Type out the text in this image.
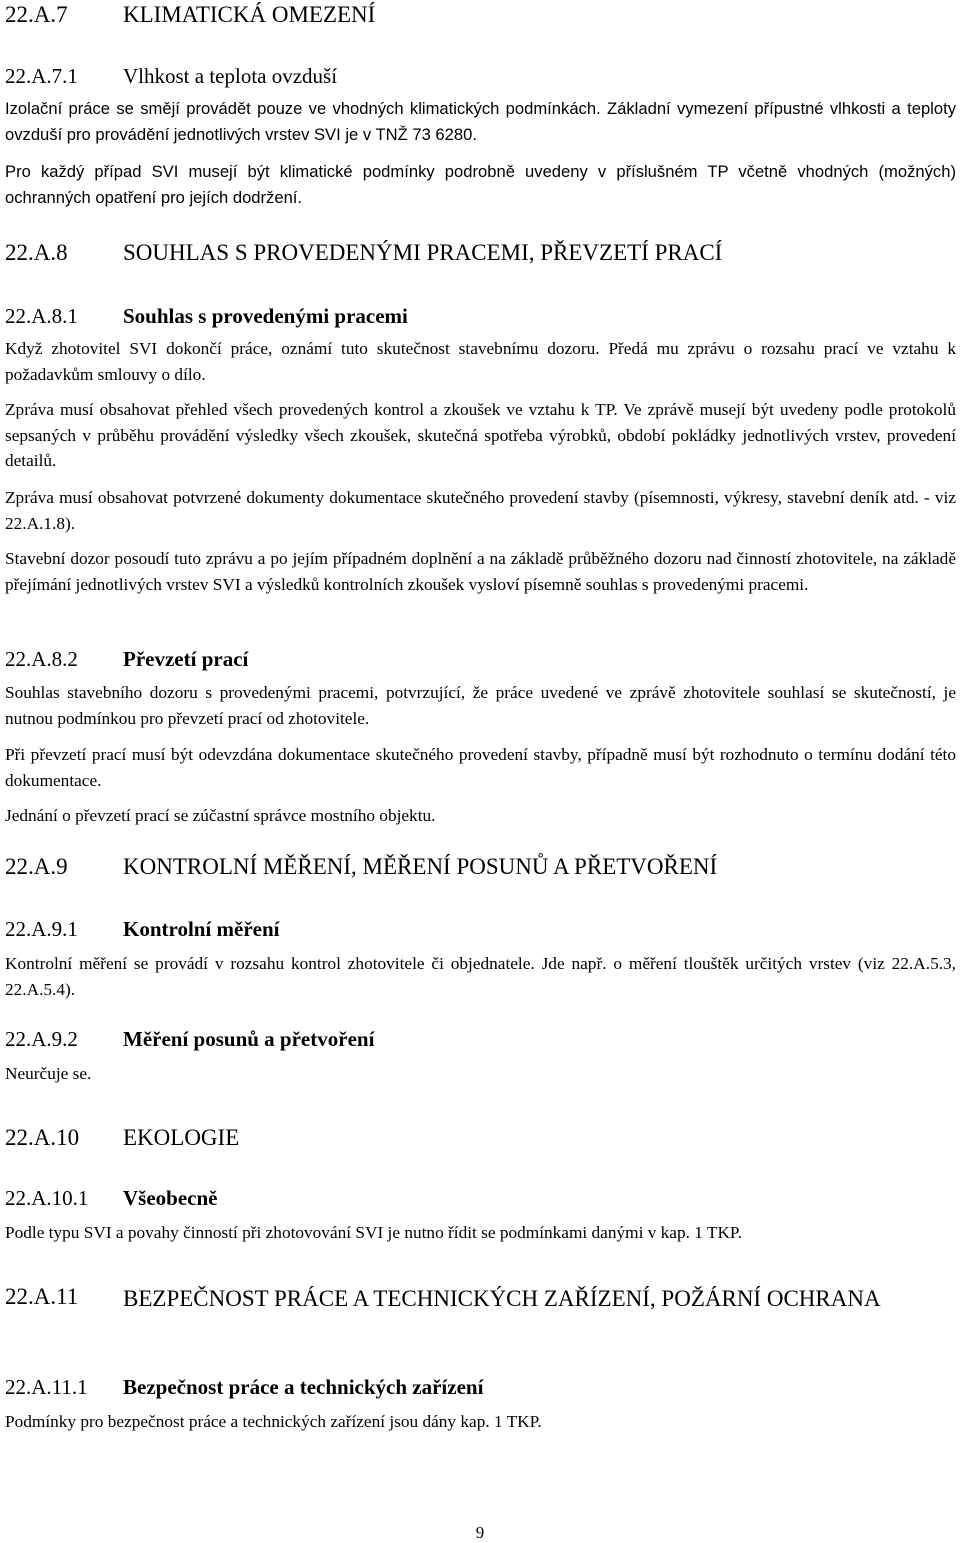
22.A.7 KLIMATICKÁ OMEZENÍ
22.A.7.1 Vlhkost a teplota ovzduší

Izolační práce se smějí provádět pouze ve vhodných klimatických podmínkách. Základní vymezení přípustné vlhkosti a teploty ovzduší pro provádění jednotlivých vrstev SVI je v TNŽ 73 6280.

Pro každý případ SVI musejí být klimatické podmínky podrobně uvedeny v příslušném TP včetně vhodných (možných) ochranných opatření pro jejích dodržení.

22.A.8 SOUHLAS S PROVEDENÝMI PRACEMI, PŘEVZETÍ PRACÍ
22.A.8.1 Souhlas s provedenými pracemi

Když zhotovitel SVI dokončí práce, oznámí tuto skutečnost stavebnímu dozoru. Předá mu zprávu o rozsahu prací ve vztahu k požadavkům smlouvy o dílo.

Zpráva musí obsahovat přehled všech provedených kontrol a zkoušek ve vztahu k TP. Ve zprávě musejí být uvedeny podle protokolů sepsaných v průběhu provádění výsledky všech zkoušek, skutečná spotřeba výrobků, období pokládky jednotlivých vrstev, provedení detailů.

Zpráva musí obsahovat potvrzené dokumenty dokumentace skutečného provedení stavby (písemnosti, výkresy, stavební deník atd. - viz 22.A.1.8).

Stavební dozor posoudí tuto zprávu a po jejím případném doplnění a na základě průběžného dozoru nad činností zhotovitele, na základě přejímání jednotlivých vrstev SVI a výsledků kontrolních zkoušek vysloví písemně souhlas s provedenými pracemi.

22.A.8.2 Převzetí prací

Souhlas stavebního dozoru s provedenými pracemi, potvrzující, že práce uvedené ve zprávě zhotovitele souhlasí se skutečností, je nutnou podmínkou pro převzetí prací od zhotovitele.

Při převzetí prací musí být odevzdána dokumentace skutečného provedení stavby, případně musí být rozhodnuto o termínu dodání této dokumentace.

Jednání o převzetí prací se zúčastní správce mostního objektu.

22.A.9 KONTROLNÍ MĚŘENÍ, MĚŘENÍ POSUNŮ A PŘETVOŘENÍ
22.A.9.1 Kontrolní měření

Kontrolní měření se provádí v rozsahu kontrol zhotovitele či objednatele. Jde např. o měření tlouštěk určitých vrstev (viz 22.A.5.3, 22.A.5.4).

22.A.9.2 Měření posunů a přetvoření

Neurčuje se.

22.A.10 EKOLOGIE
22.A.10.1 Všeobecně

Podle typu SVI a povahy činností při zhotovování SVI je nutno řídit se podmínkami danými v kap. 1 TKP.

22.A.11 BEZPEČNOST PRÁCE A TECHNICKÝCH ZAŘÍZENÍ, POŽÁRNÍ OCHRANA
22.A.11.1 Bezpečnost práce a technických zařízení

Podmínky pro bezpečnost práce a technických zařízení jsou dány kap. 1 TKP.

9
